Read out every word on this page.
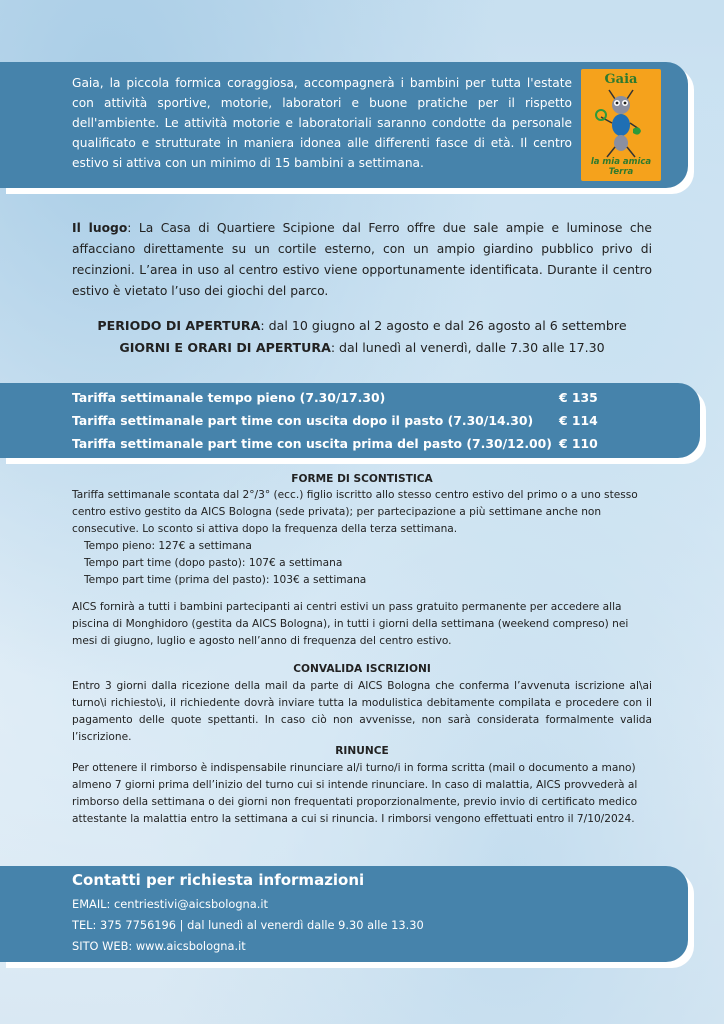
Gaia, la piccola formica coraggiosa, accompagnerà i bambini per tutta l'estate con attività sportive, motorie, laboratori e buone pratiche per il rispetto dell'ambiente. Le attività motorie e laboratoriali saranno condotte da personale qualificato e strutturate in maniera idonea alle differenti fasce di età. Il centro estivo si attiva con un minimo di 15 bambini a settimana.
Gaia
la mia amica Terra
Il luogo: La Casa di Quartiere Scipione dal Ferro offre due sale ampie e luminose che affacciano direttamente su un cortile esterno, con un ampio giardino pubblico privo di recinzioni. L’area in uso al centro estivo viene opportunamente identificata. Durante il centro estivo è vietato l’uso dei giochi del parco.
PERIODO DI APERTURA: dal 10 giugno al 2 agosto e dal 26 agosto al 6 settembre
GIORNI E ORARI DI APERTURA: dal lunedì al venerdì, dalle 7.30 alle 17.30
Tariffa settimanale tempo pieno (7.30/17.30)	€ 135
Tariffa settimanale part time con uscita dopo il pasto (7.30/14.30) € 114
Tariffa settimanale part time con uscita prima del pasto (7.30/12.00) € 110
FORME DI SCONTISTICA
Tariffa settimanale scontata dal 2°/3° (ecc.) figlio iscritto allo stesso centro estivo del primo o a uno stesso centro estivo gestito da AICS Bologna (sede privata); per partecipazione a più settimane anche non consecutive. Lo sconto si attiva dopo la frequenza della terza settimana.
Tempo pieno: 127€ a settimana
Tempo part time (dopo pasto): 107€ a settimana
Tempo part time (prima del pasto): 103€ a settimana
AICS fornirà a tutti i bambini partecipanti ai centri estivi un pass gratuito permanente per accedere alla piscina di Monghidoro (gestita da AICS Bologna), in tutti i giorni della settimana (weekend compreso) nei mesi di giugno, luglio e agosto nell’anno di frequenza del centro estivo.
CONVALIDA ISCRIZIONI
Entro 3 giorni dalla ricezione della mail da parte di AICS Bologna che conferma l’avvenuta iscrizione al\ai turno\i richiesto\i, il richiedente dovrà inviare tutta la modulistica debitamente compilata e procedere con il pagamento delle quote spettanti. In caso ciò non avvenisse, non sarà considerata formalmente valida l’iscrizione.
RINUNCE
Per ottenere il rimborso è indispensabile rinunciare al/i turno/i in forma scritta (mail o documento a mano) almeno 7 giorni prima dell’inizio del turno cui si intende rinunciare. In caso di malattia, AICS provvederà al rimborso della settimana o dei giorni non frequentati proporzionalmente, previo invio di certificato medico attestante la malattia entro la settimana a cui si rinuncia. I rimborsi vengono effettuati entro il 7/10/2024.
Contatti per richiesta informazioni
EMAIL: centriestivi@aicsbologna.it
TEL: 375 7756196 | dal lunedì al venerdì dalle 9.30 alle 13.30
SITO WEB: www.aicsbologna.it
